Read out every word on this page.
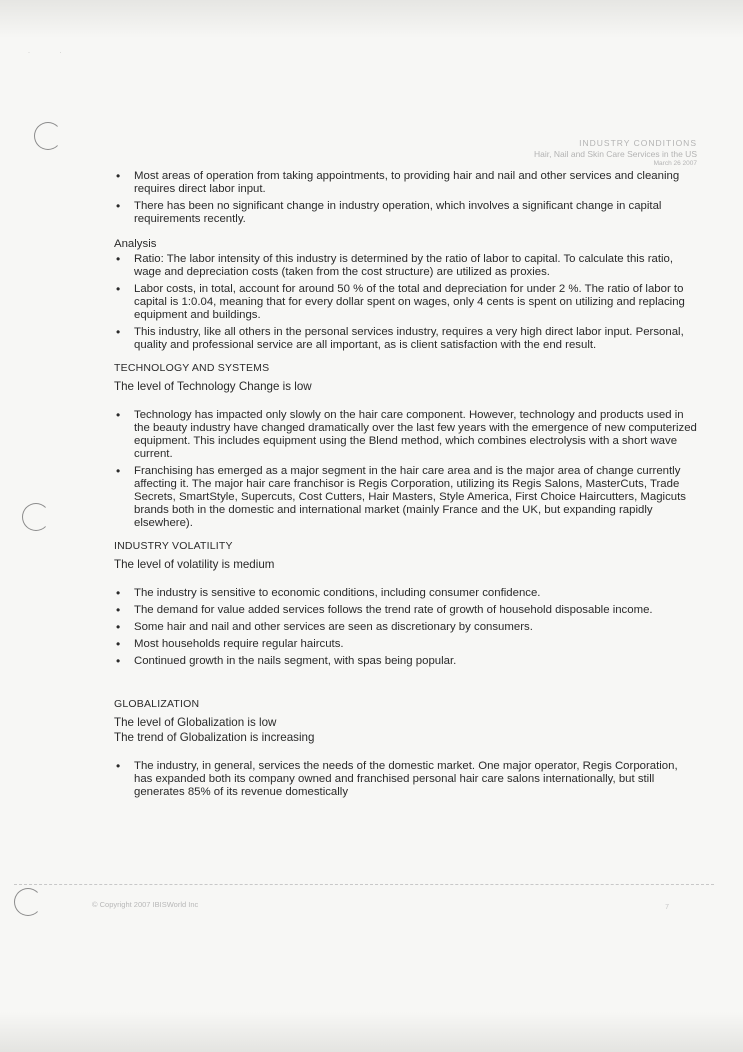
· ·
INDUSTRY CONDITIONS
Hair, Nail and Skin Care Services in the US
March 26 2007
• Most areas of operation from taking appointments, to providing hair and nail and other services and cleaning requires direct labor input.
• There has been no significant change in industry operation, which involves a significant change in capital requirements recently.
Analysis
• Ratio: The labor intensity of this industry is determined by the ratio of labor to capital. To calculate this ratio, wage and depreciation costs (taken from the cost structure) are utilized as proxies.
• Labor costs, in total, account for around 50 % of the total and depreciation for under 2 %. The ratio of labor to capital is 1:0.04, meaning that for every dollar spent on wages, only 4 cents is spent on utilizing and replacing equipment and buildings.
• This industry, like all others in the personal services industry, requires a very high direct labor input. Personal, quality and professional service are all important, as is client satisfaction with the end result.
TECHNOLOGY AND SYSTEMS
The level of Technology Change is low
• Technology has impacted only slowly on the hair care component. However, technology and products used in the beauty industry have changed dramatically over the last few years with the emergence of new computerized equipment. This includes equipment using the Blend method, which combines electrolysis with a short wave current.
• Franchising has emerged as a major segment in the hair care area and is the major area of change currently affecting it. The major hair care franchisor is Regis Corporation, utilizing its Regis Salons, MasterCuts, Trade Secrets, SmartStyle, Supercuts, Cost Cutters, Hair Masters, Style America, First Choice Haircutters, Magicuts brands both in the domestic and international market (mainly France and the UK, but expanding rapidly elsewhere).
INDUSTRY VOLATILITY
The level of volatility is medium
• The industry is sensitive to economic conditions, including consumer confidence.
• The demand for value added services follows the trend rate of growth of household disposable income.
• Some hair and nail and other services are seen as discretionary by consumers.
• Most households require regular haircuts.
• Continued growth in the nails segment, with spas being popular.
GLOBALIZATION
The level of Globalization is low
The trend of Globalization is increasing
• The industry, in general, services the needs of the domestic market. One major operator, Regis Corporation, has expanded both its company owned and franchised personal hair care salons internationally, but still generates 85% of its revenue domestically
© Copyright 2007 IBISWorld Inc	7
